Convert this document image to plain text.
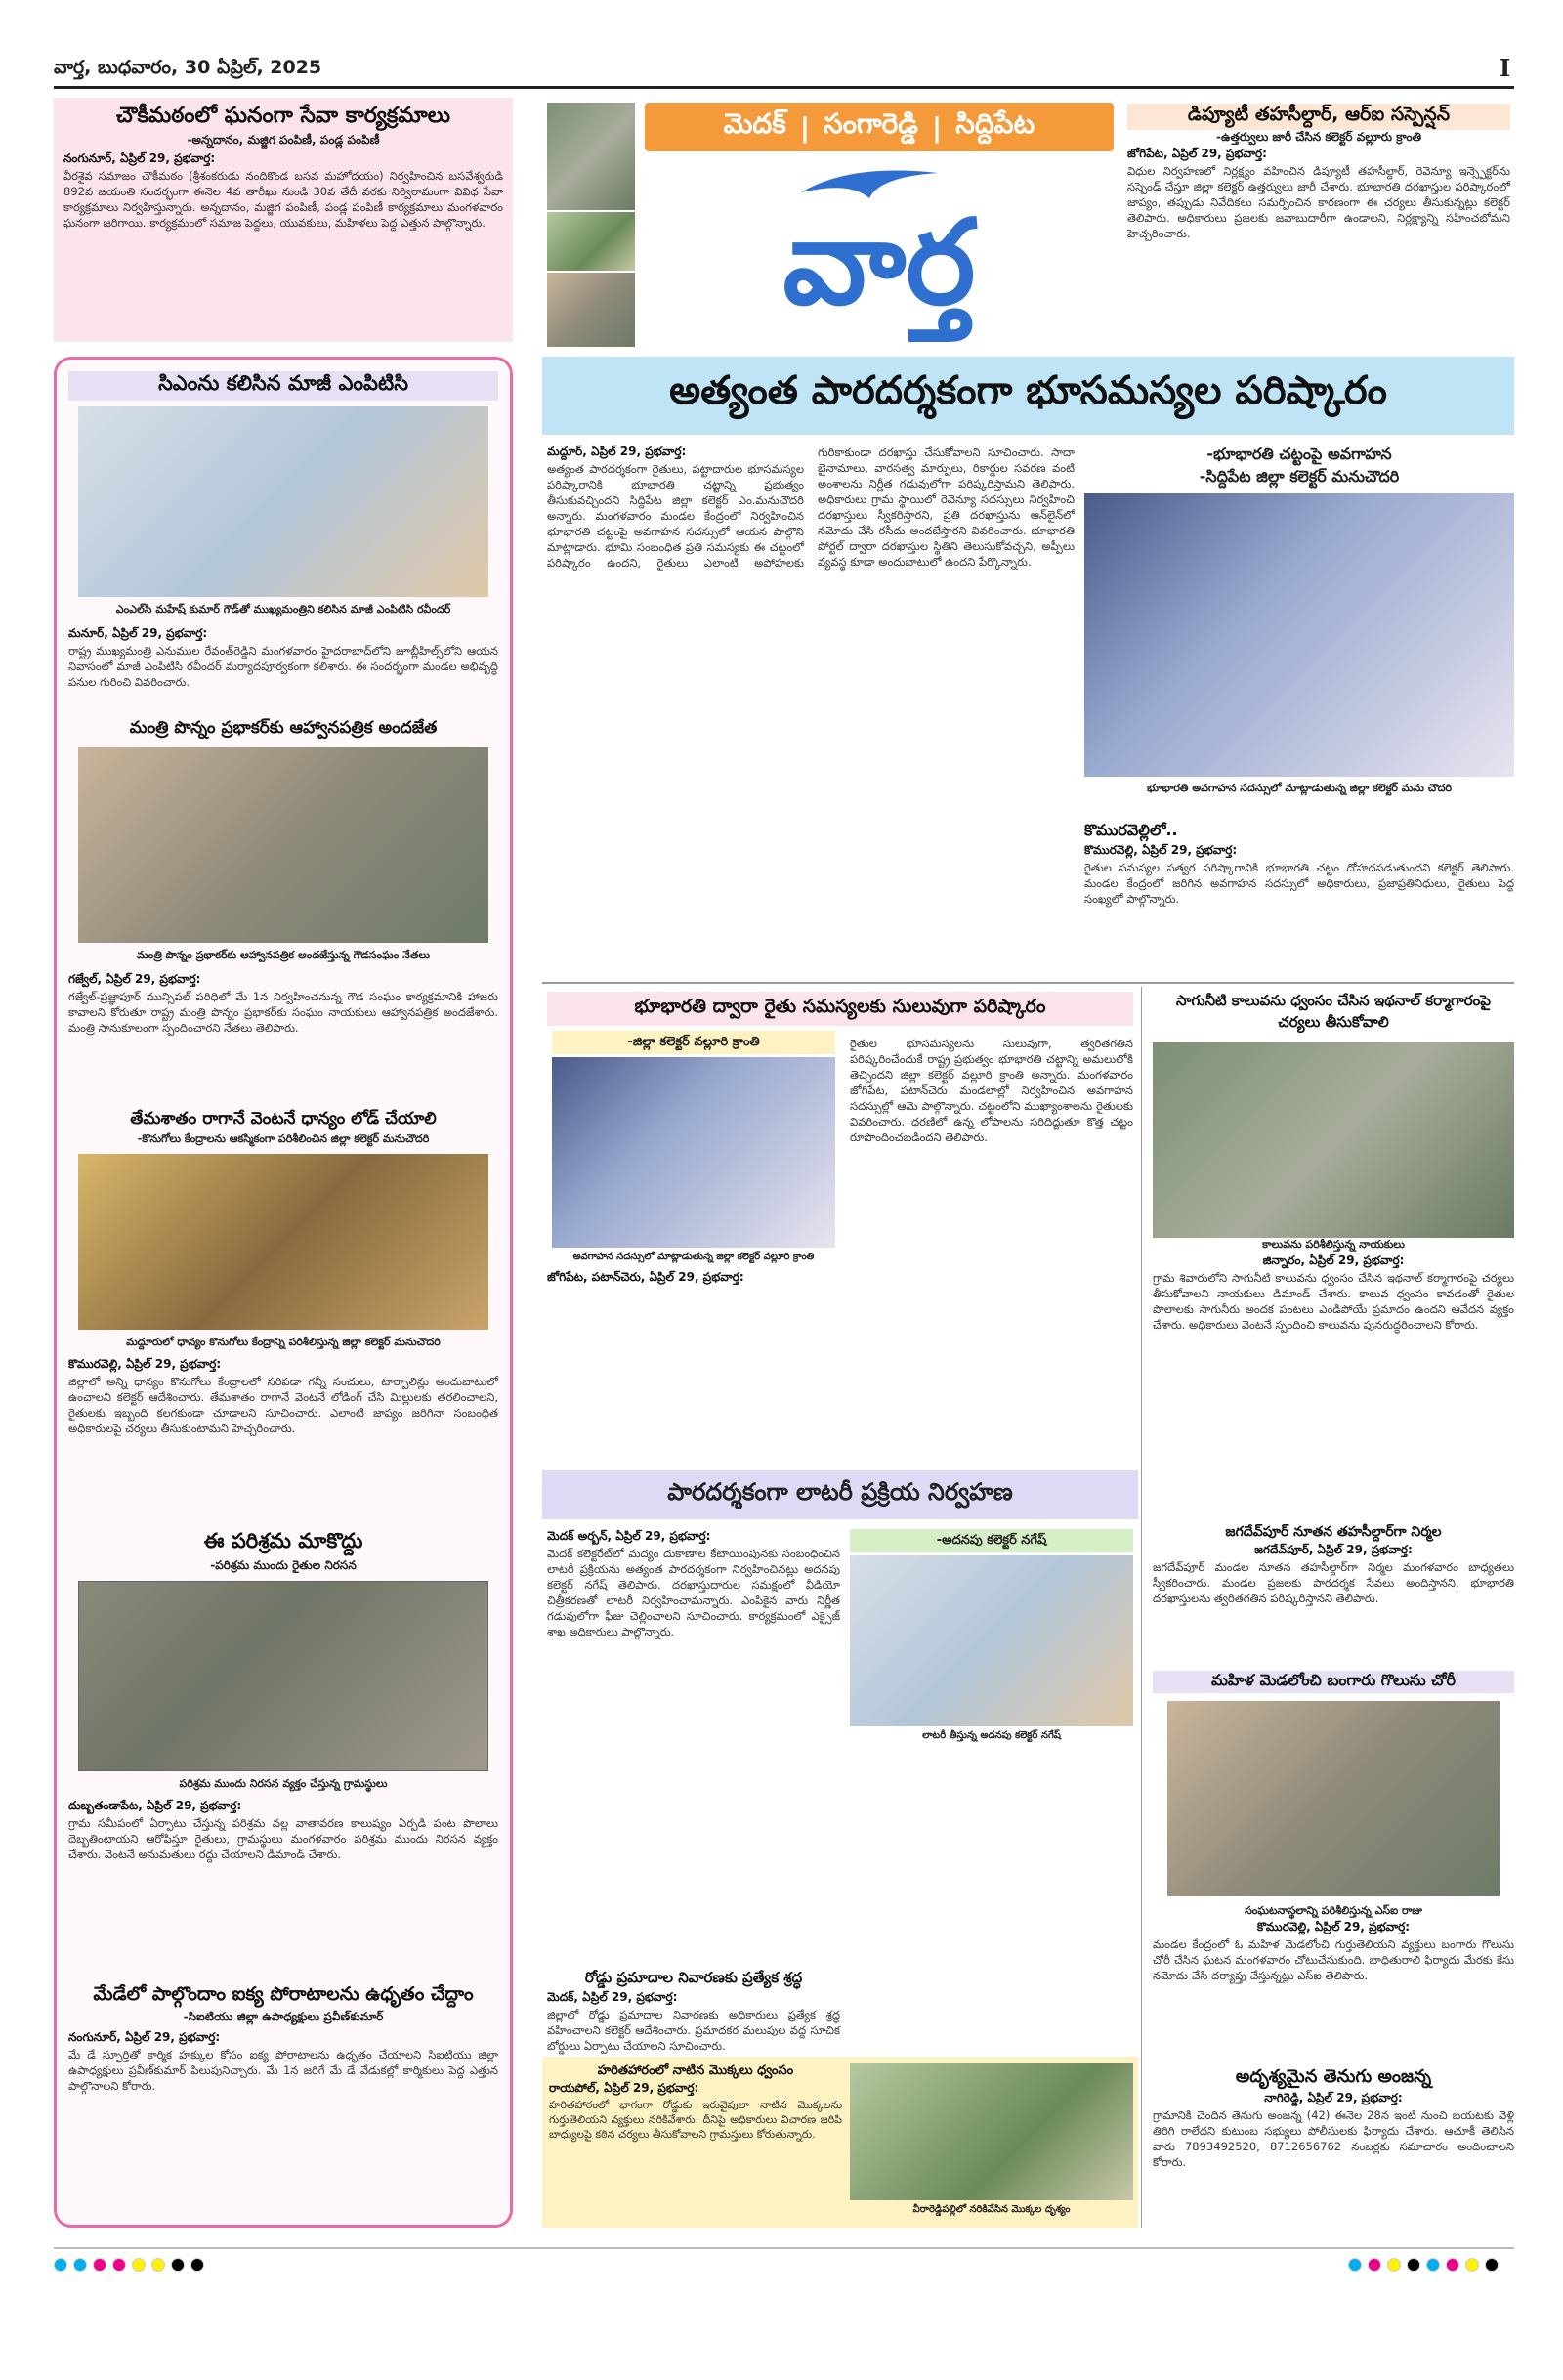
వార్త, బుధవారం, 30 ఏప్రిల్, 2025	I
చౌకీమఠంలో ఘనంగా సేవా కార్యక్రమాలు
-అన్నదానం, మజ్జిగ పంపిణీ, పండ్ల పంపిణీ
నంగునూర్, ఏప్రిల్ 29, ప్రభవార్త:
వీరశైవ సమాజం చౌకీమఠం (శ్రీశంకరుడు నందికొండ బసవ మహోదయం) నిర్వహించిన బసవేశ్వరుడి 892వ జయంతి సందర్భంగా ఈనెల 4వ తారీఖు నుండి 30వ తేదీ వరకు నిర్విరామంగా వివిధ సేవా కార్యక్రమాలు నిర్వహిస్తున్నారు. అన్నదానం, మజ్జిగ పంపిణీ, పండ్ల పంపిణీ కార్యక్రమాలు మంగళవారం ఘనంగా జరిగాయి. కార్యక్రమంలో సమాజ పెద్దలు, యువకులు, మహిళలు పెద్ద ఎత్తున పాల్గొన్నారు.
మెదక్ | సంగారెడ్డి | సిద్దిపేట
వార్త
డిప్యూటీ తహసీల్దార్, ఆర్ఐ సస్పెన్షన్
-ఉత్తర్వులు జారీ చేసిన కలెక్టర్ వల్లూరు క్రాంతి
జోగిపేట, ఏప్రిల్ 29, ప్రభవార్త:
విధుల నిర్వహణలో నిర్లక్ష్యం వహించిన డిప్యూటీ తహసీల్దార్, రెవెన్యూ ఇన్స్పెక్టర్‌ను సస్పెండ్ చేస్తూ జిల్లా కలెక్టర్ ఉత్తర్వులు జారీ చేశారు. భూభారతి దరఖాస్తుల పరిష్కారంలో జాప్యం, తప్పుడు నివేదికలు సమర్పించిన కారణంగా ఈ చర్యలు తీసుకున్నట్లు కలెక్టర్ తెలిపారు. అధికారులు ప్రజలకు జవాబుదారీగా ఉండాలని, నిర్లక్ష్యాన్ని సహించబోమని హెచ్చరించారు.
సిఎంను కలిసిన మాజీ ఎంపిటిసి
ఎంఎల్‌సి మహేష్ కుమార్ గౌడ్‌తో ముఖ్యమంత్రిని కలిసిన మాజీ ఎంపిటిసి రవీందర్
మనూర్, ఏప్రిల్ 29, ప్రభవార్త:
రాష్ట్ర ముఖ్యమంత్రి ఎనుముల రేవంత్‌రెడ్డిని మంగళవారం హైదరాబాద్‌లోని జూబ్లీహిల్స్‌లోని ఆయన నివాసంలో మాజీ ఎంపిటిసి రవీందర్ మర్యాదపూర్వకంగా కలిశారు. ఈ సందర్భంగా మండల అభివృద్ధి పనుల గురించి వివరించారు.
మంత్రి పొన్నం ప్రభాకర్‌కు ఆహ్వానపత్రిక అందజేత
మంత్రి పొన్నం ప్రభాకర్‌కు ఆహ్వానపత్రిక అందజేస్తున్న గౌడసంఘం నేతలు
గజ్వేల్, ఏప్రిల్ 29, ప్రభవార్త:
గజ్వేల్-ప్రజ్ఞాపూర్ మున్సిపల్ పరిధిలో మే 1న నిర్వహించనున్న గౌడ సంఘం కార్యక్రమానికి హాజరు కావాలని కోరుతూ రాష్ట్ర మంత్రి పొన్నం ప్రభాకర్‌కు సంఘం నాయకులు ఆహ్వానపత్రిక అందజేశారు. మంత్రి సానుకూలంగా స్పందించారని నేతలు తెలిపారు.
తేమశాతం రాగానే వెంటనే ధాన్యం లోడ్ చేయాలి
-కొనుగోలు కేంద్రాలను ఆకస్మికంగా పరిశీలించిన జిల్లా కలెక్టర్ మనుచౌదరి
మద్దూరులో ధాన్యం కొనుగోలు కేంద్రాన్ని పరిశీలిస్తున్న జిల్లా కలెక్టర్ మనుచౌదరి
కొమురవెల్లి, ఏప్రిల్ 29, ప్రభవార్త:
జిల్లాలో అన్ని ధాన్యం కొనుగోలు కేంద్రాలలో సరిపడా గన్నీ సంచులు, టార్పాలిన్లు అందుబాటులో ఉంచాలని కలెక్టర్ ఆదేశించారు. తేమశాతం రాగానే వెంటనే లోడింగ్ చేసి మిల్లులకు తరలించాలని, రైతులకు ఇబ్బంది కలగకుండా చూడాలని సూచించారు. ఎలాంటి జాప్యం జరిగినా సంబంధిత అధికారులపై చర్యలు తీసుకుంటామని హెచ్చరించారు.
ఈ పరిశ్రమ మాకొద్దు
-పరిశ్రమ ముందు రైతుల నిరసన
పరిశ్రమ ముందు నిరసన వ్యక్తం చేస్తున్న గ్రామస్థులు
దుబ్బతండాపేట, ఏప్రిల్ 29, ప్రభవార్త:
గ్రామ సమీపంలో ఏర్పాటు చేస్తున్న పరిశ్రమ వల్ల వాతావరణ కాలుష్యం ఏర్పడి పంట పొలాలు దెబ్బతింటాయని ఆరోపిస్తూ రైతులు, గ్రామస్థులు మంగళవారం పరిశ్రమ ముందు నిరసన వ్యక్తం చేశారు. వెంటనే అనుమతులు రద్దు చేయాలని డిమాండ్ చేశారు.
మేడేలో పాల్గొందాం ఐక్య పోరాటాలను ఉధృతం చేద్దాం
-సిఐటియు జిల్లా ఉపాధ్యక్షులు ప్రవీణ్‌కుమార్
నంగునూర్, ఏప్రిల్ 29, ప్రభవార్త:
మే డే స్ఫూర్తితో కార్మిక హక్కుల కోసం ఐక్య పోరాటాలను ఉధృతం చేయాలని సిఐటియు జిల్లా ఉపాధ్యక్షులు ప్రవీణ్‌కుమార్ పిలుపునిచ్చారు. మే 1న జరిగే మే డే వేడుకల్లో కార్మికులు పెద్ద ఎత్తున పాల్గొనాలని కోరారు.
అత్యంత పారదర్శకంగా భూసమస్యల పరిష్కారం
మద్దూర్, ఏప్రిల్ 29, ప్రభవార్త:
అత్యంత పారదర్శకంగా రైతులు, పట్టాదారుల భూసమస్యల పరిష్కారానికి భూభారతి చట్టాన్ని ప్రభుత్వం తీసుకువచ్చిందని సిద్దిపేట జిల్లా కలెక్టర్ ఎం.మనుచౌదరి అన్నారు. మంగళవారం మండల కేంద్రంలో నిర్వహించిన భూభారతి చట్టంపై అవగాహన సదస్సులో ఆయన పాల్గొని మాట్లాడారు. భూమి సంబంధిత ప్రతి సమస్యకు ఈ చట్టంలో పరిష్కారం ఉందని, రైతులు ఎలాంటి అపోహలకు గురికాకుండా దరఖాస్తు చేసుకోవాలని సూచించారు. సాదా బైనామాలు, వారసత్వ మార్పులు, రికార్డుల సవరణ వంటి అంశాలను నిర్ణీత గడువులోగా పరిష్కరిస్తామని తెలిపారు. అధికారులు గ్రామ స్థాయిలో రెవెన్యూ సదస్సులు నిర్వహించి దరఖాస్తులు స్వీకరిస్తారని, ప్రతి దరఖాస్తును ఆన్‌లైన్‌లో నమోదు చేసి రసీదు అందజేస్తారని వివరించారు. భూభారతి పోర్టల్ ద్వారా దరఖాస్తుల స్థితిని తెలుసుకోవచ్చని, అప్పీలు వ్యవస్థ కూడా అందుబాటులో ఉందని పేర్కొన్నారు.
-భూభారతి చట్టంపై అవగాహన
-సిద్దిపేట జిల్లా కలెక్టర్ మనుచౌదరి
భూభారతి అవగాహన సదస్సులో మాట్లాడుతున్న జిల్లా కలెక్టర్ మను చౌదరి
కొమురవెల్లిలో..
కొమురవెల్లి, ఏప్రిల్ 29, ప్రభవార్త:
రైతుల సమస్యల సత్వర పరిష్కారానికి భూభారతి చట్టం దోహదపడుతుందని కలెక్టర్ తెలిపారు. మండల కేంద్రంలో జరిగిన అవగాహన సదస్సులో అధికారులు, ప్రజాప్రతినిధులు, రైతులు పెద్ద సంఖ్యలో పాల్గొన్నారు.
భూభారతి ద్వారా రైతు సమస్యలకు సులువుగా పరిష్కారం
-జిల్లా కలెక్టర్ వల్లూరి క్రాంతి
అవగాహన సదస్సులో మాట్లాడుతున్న జిల్లా కలెక్టర్ వల్లూరి క్రాంతి
జోగిపేట, పటాన్‌చెరు, ఏప్రిల్ 29, ప్రభవార్త:
రైతుల భూసమస్యలను సులువుగా, త్వరితగతిన పరిష్కరించేందుకే రాష్ట్ర ప్రభుత్వం భూభారతి చట్టాన్ని అమలులోకి తెచ్చిందని జిల్లా కలెక్టర్ వల్లూరి క్రాంతి అన్నారు. మంగళవారం జోగిపేట, పటాన్‌చెరు మండలాల్లో నిర్వహించిన అవగాహన సదస్సుల్లో ఆమె పాల్గొన్నారు. చట్టంలోని ముఖ్యాంశాలను రైతులకు వివరించారు. ధరణిలో ఉన్న లోపాలను సరిదిద్దుతూ కొత్త చట్టం రూపొందించబడిందని తెలిపారు.
సాగునీటి కాలువను ధ్వంసం చేసిన ఇథనాల్ కర్మాగారంపై చర్యలు తీసుకోవాలి
కాలువను పరిశీలిస్తున్న నాయకులు
జిన్నారం, ఏప్రిల్ 29, ప్రభవార్త:
గ్రామ శివారులోని సాగునీటి కాలువను ధ్వంసం చేసిన ఇథనాల్ కర్మాగారంపై చర్యలు తీసుకోవాలని నాయకులు డిమాండ్ చేశారు. కాలువ ధ్వంసం కావడంతో రైతుల పొలాలకు సాగునీరు అందక పంటలు ఎండిపోయే ప్రమాదం ఉందని ఆవేదన వ్యక్తం చేశారు. అధికారులు వెంటనే స్పందించి కాలువను పునరుద్ధరించాలని కోరారు.
జగదేవ్‌పూర్ నూతన తహసీల్దార్‌గా నిర్మల
జగదేవ్‌పూర్, ఏప్రిల్ 29, ప్రభవార్త:
జగదేవ్‌పూర్ మండల నూతన తహసీల్దార్‌గా నిర్మల మంగళవారం బాధ్యతలు స్వీకరించారు. మండల ప్రజలకు పారదర్శక సేవలు అందిస్తానని, భూభారతి దరఖాస్తులను త్వరితగతిన పరిష్కరిస్తానని తెలిపారు.
మహిళ మెడలోంచి బంగారు గొలుసు చోరీ
సంఘటనాస్థలాన్ని పరిశీలిస్తున్న ఎస్‌ఐ రాజు
కొమురవెల్లి, ఏప్రిల్ 29, ప్రభవార్త:
మండల కేంద్రంలో ఓ మహిళ మెడలోంచి గుర్తుతెలియని వ్యక్తులు బంగారు గొలుసు చోరీ చేసిన ఘటన మంగళవారం చోటుచేసుకుంది. బాధితురాలి ఫిర్యాదు మేరకు కేసు నమోదు చేసి దర్యాప్తు చేస్తున్నట్లు ఎస్‌ఐ తెలిపారు.
అదృశ్యమైన తెనుగు అంజన్న
నాగిరెడ్డి, ఏప్రిల్ 29, ప్రభవార్త:
గ్రామానికి చెందిన తెనుగు అంజన్న (42) ఈనెల 28న ఇంటి నుంచి బయటకు వెళ్లి తిరిగి రాలేదని కుటుంబ సభ్యులు పోలీసులకు ఫిర్యాదు చేశారు. ఆచూకీ తెలిసిన వారు 7893492520, 8712656762 నంబర్లకు సమాచారం అందించాలని కోరారు.
పారదర్శకంగా లాటరీ ప్రక్రియ నిర్వహణ
మెదక్ అర్బన్, ఏప్రిల్ 29, ప్రభవార్త:
మెదక్ కలెక్టరేట్‌లో మద్యం దుకాణాల కేటాయింపునకు సంబంధించిన లాటరీ ప్రక్రియను అత్యంత పారదర్శకంగా నిర్వహించినట్లు అదనపు కలెక్టర్ నగేష్ తెలిపారు. దరఖాస్తుదారుల సమక్షంలో వీడియో చిత్రీకరణతో లాటరీ నిర్వహించామన్నారు. ఎంపికైన వారు నిర్ణీత గడువులోగా ఫీజు చెల్లించాలని సూచించారు. కార్యక్రమంలో ఎక్సైజ్ శాఖ అధికారులు పాల్గొన్నారు.
-అదనపు కలెక్టర్ నగేష్
లాటరీ తీస్తున్న అదనపు కలెక్టర్ నగేష్
రోడ్డు ప్రమాదాల నివారణకు ప్రత్యేక శ్రద్ధ
మెదక్, ఏప్రిల్ 29, ప్రభవార్త:
జిల్లాలో రోడ్డు ప్రమాదాల నివారణకు అధికారులు ప్రత్యేక శ్రద్ధ వహించాలని కలెక్టర్ ఆదేశించారు. ప్రమాదకర మలుపుల వద్ద సూచిక బోర్డులు ఏర్పాటు చేయాలని సూచించారు.
హరితహారంలో నాటిన మొక్కలు ధ్వంసం
రాయపోల్, ఏప్రిల్ 29, ప్రభవార్త:
హరితహారంలో భాగంగా రోడ్డుకు ఇరువైపులా నాటిన మొక్కలను గుర్తుతెలియని వ్యక్తులు నరికివేశారు. దీనిపై అధికారులు విచారణ జరిపి బాధ్యులపై కఠిన చర్యలు తీసుకోవాలని గ్రామస్తులు కోరుతున్నారు.
వీరారెడ్డిపల్లిలో నరికివేసిన మొక్కల దృశ్యం
